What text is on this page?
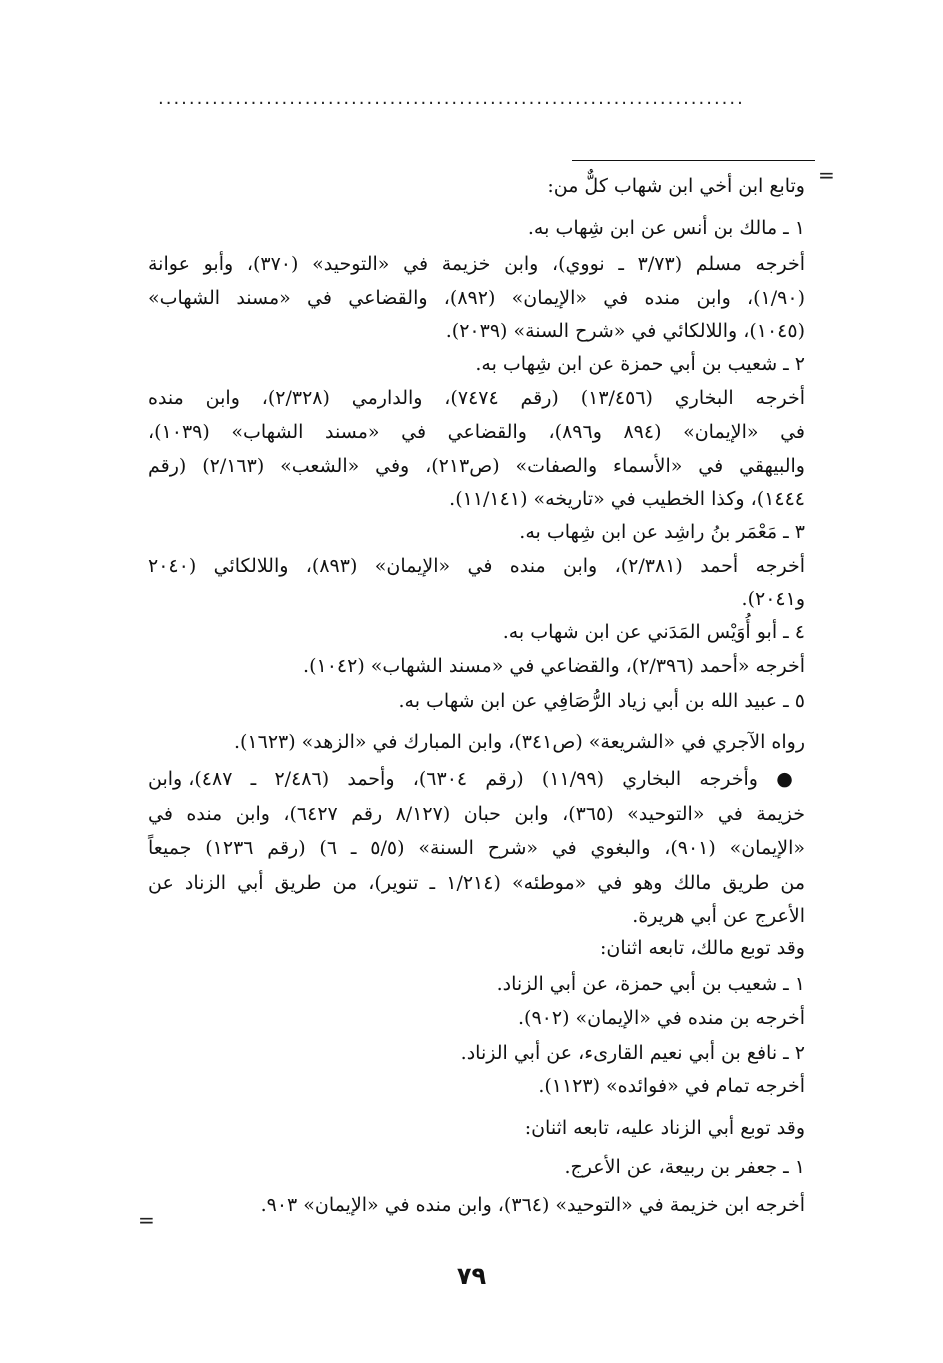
............................................................................
=
=
وتابع ابن أخي ابن شهاب كلٌّ من:
١ ـ مالك بن أنس عن ابن شِهاب به.
أخرجه مسلم (٣/٧٣ ـ نووي)، وابن خزيمة في «التوحيد» (٣٧٠)، وأبو عوانة
(١/٩٠)، وابن منده في «الإيمان» (٨٩٢)، والقضاعي في «مسند الشهاب»
(١٠٤٥)، واللالكائي في «شرح السنة» (٢٠٣٩).
٢ ـ شعيب بن أبي حمزة عن ابن شِهاب به.
أخرجه البخاري (١٣/٤٥٦) (رقم ٧٤٧٤)، والدارمي (٢/٣٢٨)، وابن منده
في «الإيمان» (٨٩٤ و٨٩٦)، والقضاعي في «مسند الشهاب» (١٠٣٩)،
والبيهقي في «الأسماء والصفات» (ص٢١٣)، وفي «الشعب» (٢/١٦٣) (رقم
١٤٤٤)، وكذا الخطيب في «تاريخه» (١١/١٤١).
٣ ـ مَعْمَر بنُ راشِد عن ابن شِهاب به.
أخرجه أحمد (٢/٣٨١)، وابن منده في «الإيمان» (٨٩٣)، واللالكائي (٢٠٤٠
و٢٠٤١).
٤ ـ أبو أُوَيْس المَدَني عن ابن شهاب به.
أخرجه «أحمد (٢/٣٩٦)، والقضاعي في «مسند الشهاب» (١٠٤٢).
٥ ـ عبيد الله بن أبي زياد الرُّصَافِي عن ابن شهاب به.
رواه الآجري في «الشريعة» (ص٣٤١)، وابن المبارك في «الزهد» (١٦٢٣).
● وأخرجه البخاري (١١/٩٩) (رقم ٦٣٠٤)، وأحمد (٢/٤٨٦ ـ ٤٨٧)، وابن
خزيمة في «التوحيد» (٣٦٥)، وابن حبان (٨/١٢٧ رقم ٦٤٢٧)، وابن منده في
«الإيمان» (٩٠١)، والبغوي في «شرح السنة» (٥/٥ ـ ٦) (رقم ١٢٣٦) جميعاً
من طريق مالك وهو في «موطئه» (١/٢١٤ ـ تنوير)، من طريق أبي الزناد عن
الأعرج عن أبي هريرة.
وقد توبع مالك، تابعه اثنان:
١ ـ شعيب بن أبي حمزة، عن أبي الزناد.
أخرجه بن منده في «الإيمان» (٩٠٢).
٢ ـ نافع بن أبي نعيم القارىء، عن أبي الزناد.
أخرجه تمام في «فوائده» (١١٢٣).
وقد توبع أبي الزناد عليه، تابعه اثنان:
١ ـ جعفر بن ربيعة، عن الأعرج.
أخرجه ابن خزيمة في «التوحيد» (٣٦٤)، وابن منده في «الإيمان» ٩٠٣.
٧٩
